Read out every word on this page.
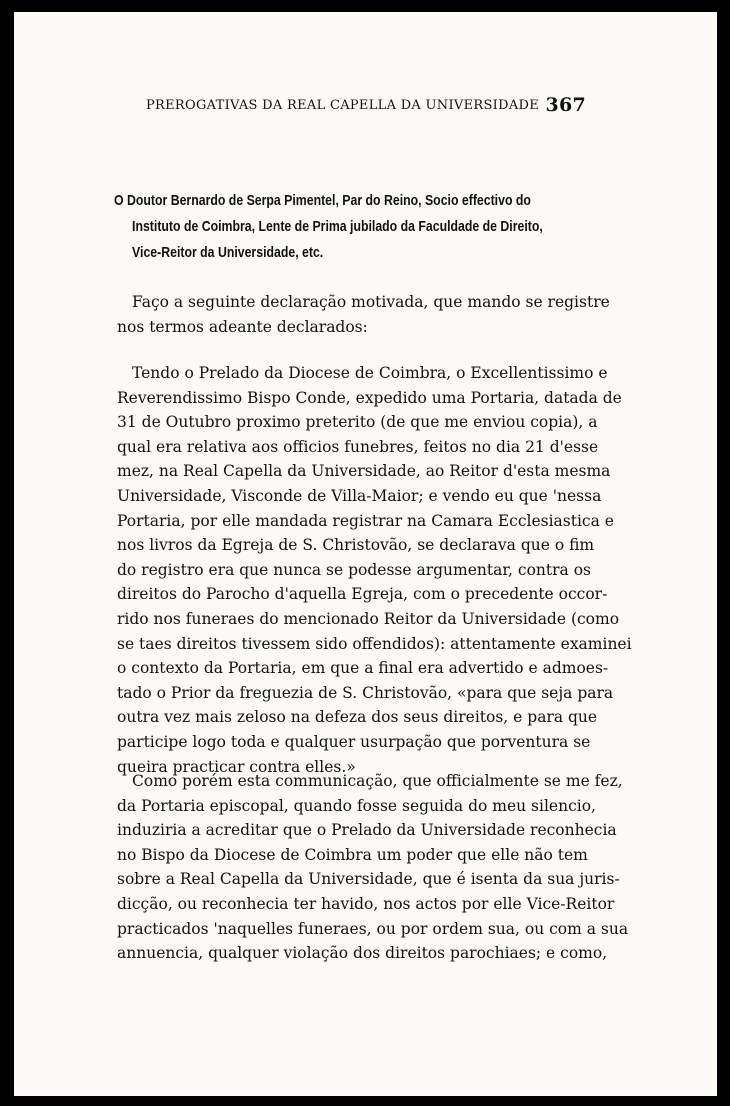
PREROGATIVAS DA REAL CAPELLA DA UNIVERSIDADE 367
O Doutor Bernardo de Serpa Pimentel, Par do Reino, Socio effectivo do
Instituto de Coimbra, Lente de Prima jubilado da Faculdade de Direito,
Vice-Reitor da Universidade, etc.
Faço a seguinte declaração motivada, que mando se registre
nos termos adeante declarados:
Tendo o Prelado da Diocese de Coimbra, o Excellentissimo e
Reverendissimo Bispo Conde, expedido uma Portaria, datada de
31 de Outubro proximo preterito (de que me enviou copia), a
qual era relativa aos officios funebres, feitos no dia 21 d'esse
mez, na Real Capella da Universidade, ao Reitor d'esta mesma
Universidade, Visconde de Villa-Maior; e vendo eu que 'nessa
Portaria, por elle mandada registrar na Camara Ecclesiastica e
nos livros da Egreja de S. Christovão, se declarava que o fim
do registro era que nunca se podesse argumentar, contra os
direitos do Parocho d'aquella Egreja, com o precedente occor-
rido nos funeraes do mencionado Reitor da Universidade (como
se taes direitos tivessem sido offendidos): attentamente examinei
o contexto da Portaria, em que a final era advertido e admoes-
tado o Prior da freguezia de S. Christovão, «para que seja para
outra vez mais zeloso na defeza dos seus direitos, e para que
participe logo toda e qualquer usurpação que porventura se
queira practicar contra elles.»
Como porém esta communicação, que officialmente se me fez,
da Portaria episcopal, quando fosse seguida do meu silencio,
induziria a acreditar que o Prelado da Universidade reconhecia
no Bispo da Diocese de Coimbra um poder que elle não tem
sobre a Real Capella da Universidade, que é isenta da sua juris-
dicção, ou reconhecia ter havido, nos actos por elle Vice-Reitor
practicados 'naquelles funeraes, ou por ordem sua, ou com a sua
annuencia, qualquer violação dos direitos parochiaes; e como,
